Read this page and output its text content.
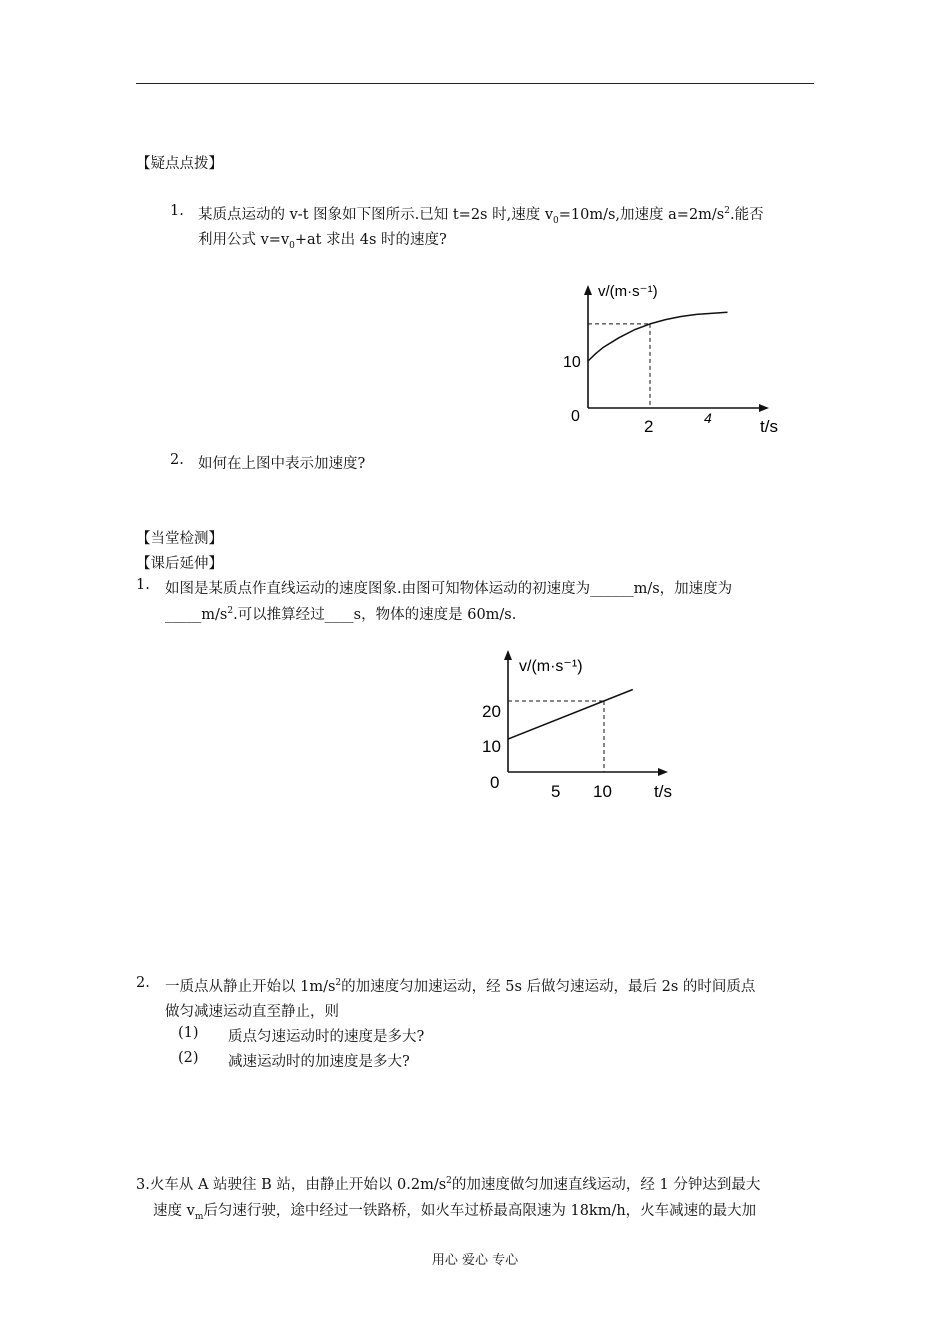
【疑点点拨】
1. 某质点运动的 v-t 图象如下图所示.已知 t=2s 时,速度 $v_0=10m/s$,加速度 $a=2m/s^2$.能否
利用公式 $v=v_0+at$ 求出 4s 时的速度?
v/(m·s⁻¹)
t/s
0
10
2	4
2. 如何在上图中表示加速度?
【当堂检测】
【课后延伸】
1. 如图是某质点作直线运动的速度图象.由图可知物体运动的初速度为______m/s，加速度为
$\_\_\_\_\_m/s^2$.可以推算经过____s，物体的速度是 60m/s.
v/(m·s⁻¹)
t/s
0
20
10
5 10
2. 一质点从静止开始以 $1m/s^2$的加速度匀加速运动，经 5s 后做匀速运动，最后 2s 的时间质点
做匀减速运动直至静止，则
(1) 质点匀速运动时的速度是多大?
(2) 减速运动时的加速度是多大?
3.火车从 A 站驶往 B 站，由静止开始以 $0.2m/s^2$的加速度做匀加速直线运动，经 1 分钟达到最大
速度 $v_m$后匀速行驶，途中经过一铁路桥，如火车过桥最高限速为 18km/h，火车减速的最大加
用心 爱心 专心
